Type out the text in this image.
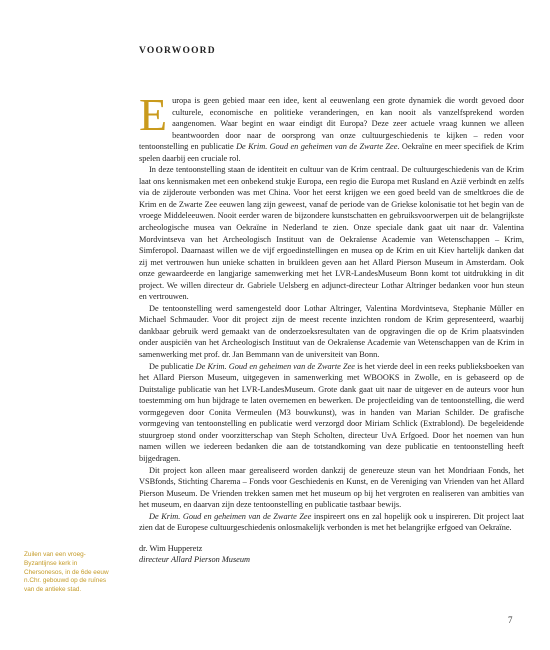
VOORWOORD

Europa is geen gebied maar een idee, kent al eeuwenlang een grote dynamiek die wordt gevoed door culturele, economische en politieke veranderingen, en kan nooit als vanzelfsprekend worden aangenomen. Waar begint en waar eindigt dit Europa? Deze zeer actuele vraag kunnen we alleen beantwoorden door naar de oorsprong van onze cultuurgeschiedenis te kijken – reden voor tentoonstelling en publicatie De Krim. Goud en geheimen van de Zwarte Zee. Oekraïne en meer specifiek de Krim spelen daarbij een cruciale rol.

In deze tentoonstelling staan de identiteit en cultuur van de Krim centraal. De cultuurgeschiedenis van de Krim laat ons kennismaken met een onbekend stukje Europa, een regio die Europa met Rusland en Azië verbindt en zelfs via de zijderoute verbonden was met China. Voor het eerst krijgen we een goed beeld van de smeltkroes die de Krim en de Zwarte Zee eeuwen lang zijn geweest, vanaf de periode van de Griekse kolonisatie tot het begin van de vroege Middeleeuwen. Nooit eerder waren de bijzondere kunstschatten en gebruiksvoorwerpen uit de belangrijkste archeologische musea van Oekraïne in Nederland te zien. Onze speciale dank gaat uit naar dr. Valentina Mordvintseva van het Archeologisch Instituut van de Oekraïense Academie van Wetenschappen – Krim, Simferopol. Daarnaast willen we de vijf ergoedinstellingen en musea op de Krim en uit Kiev hartelijk danken dat zij met vertrouwen hun unieke schatten in bruikleen geven aan het Allard Pierson Museum in Amsterdam. Ook onze gewaardeerde en langjarige samenwerking met het LVR-LandesMuseum Bonn komt tot uitdrukking in dit project. We willen directeur dr. Gabriele Uelsberg en adjunct-directeur Lothar Altringer bedanken voor hun steun en vertrouwen.

De tentoonstelling werd samengesteld door Lothar Altringer, Valentina Mordvintseva, Stephanie Müller en Michael Schmauder. Voor dit project zijn de meest recente inzichten rondom de Krim gepresenteerd, waarbij dankbaar gebruik werd gemaakt van de onderzoeksresultaten van de opgravingen die op de Krim plaatsvinden onder auspiciën van het Archeologisch Instituut van de Oekraïense Academie van Wetenschappen van de Krim in samenwerking met prof. dr. Jan Bemmann van de universiteit van Bonn.

De publicatie De Krim. Goud en geheimen van de Zwarte Zee is het vierde deel in een reeks publieksboeken van het Allard Pierson Museum, uitgegeven in samenwerking met WBOOKS in Zwolle, en is gebaseerd op de Duitstalige publicatie van het LVR-LandesMuseum. Grote dank gaat uit naar de uitgever en de auteurs voor hun toestemming om hun bijdrage te laten overnemen en bewerken. De projectleiding van de tentoonstelling, die werd vormgegeven door Conita Vermeulen (M3 bouwkunst), was in handen van Marian Schilder. De grafische vormgeving van tentoonstelling en publicatie werd verzorgd door Miriam Schlick (Extrablond). De begeleidende stuurgroep stond onder voorzitterschap van Steph Scholten, directeur UvA Erfgoed. Door het noemen van hun namen willen we iedereen bedanken die aan de totstandkoming van deze publicatie en tentoonstelling heeft bijgedragen.

Dit project kon alleen maar gerealiseerd worden dankzij de genereuze steun van het Mondriaan Fonds, het VSBfonds, Stichting Charema – Fonds voor Geschiedenis en Kunst, en de Vereniging van Vrienden van het Allard Pierson Museum. De Vrienden trekken samen met het museum op bij het vergroten en realiseren van ambities van het museum, en daarvan zijn deze tentoonstelling en publicatie tastbaar bewijs.

De Krim. Goud en geheimen van de Zwarte Zee inspireert ons en zal hopelijk ook u inspireren. Dit project laat zien dat de Europese cultuurgeschiedenis onlosmakelijk verbonden is met het belangrijke erfgoed van Oekraïne.

dr. Wim Hupperetz
directeur Allard Pierson Museum

Zuilen van een vroeg-Byzantijnse kerk in Chersonesos, in de 6de eeuw n.Chr. gebouwd op de ruïnes van de antieke stad.
7
